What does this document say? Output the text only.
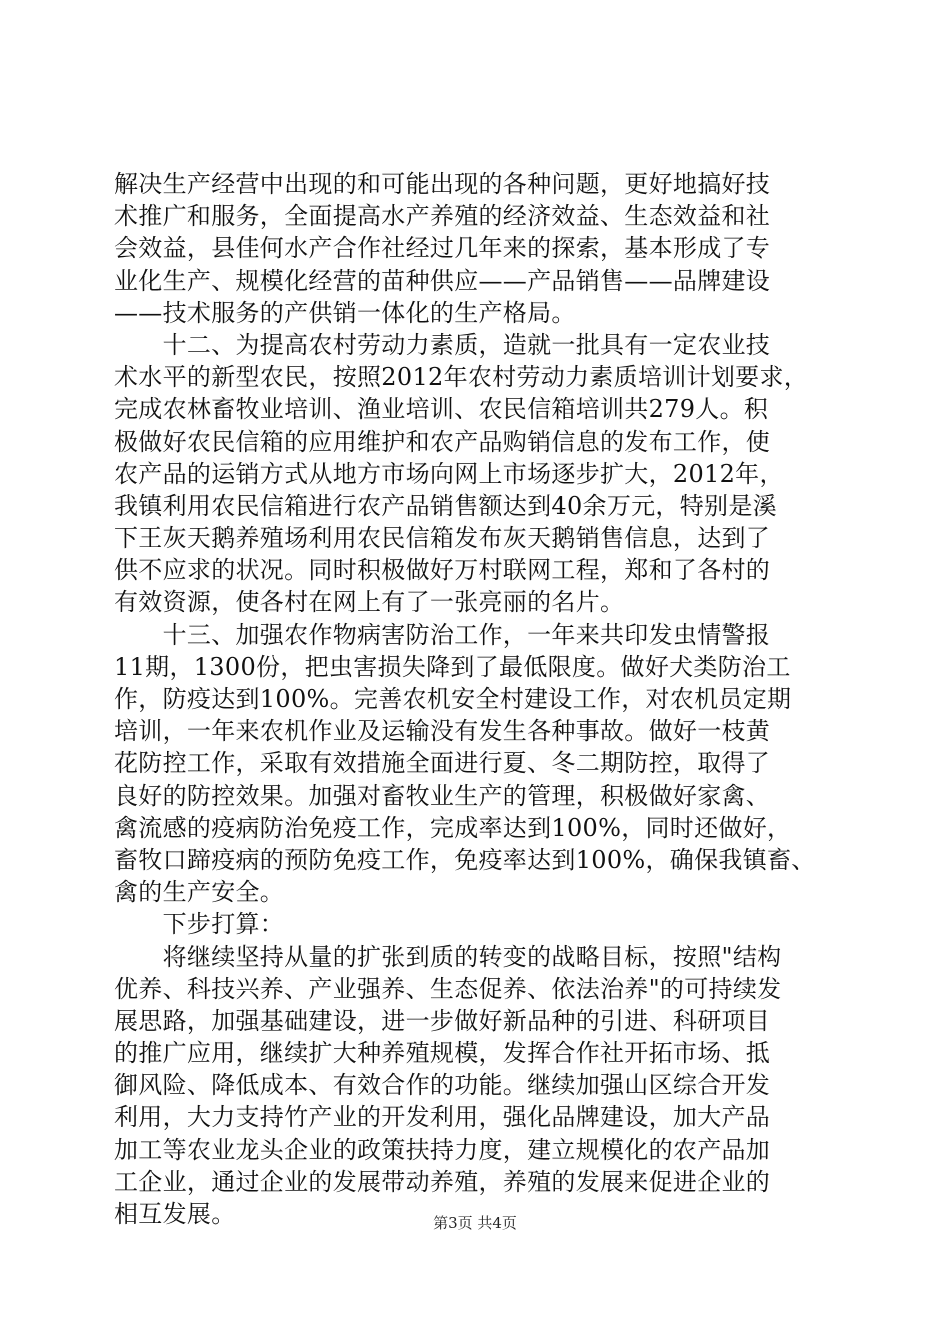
解决生产经营中出现的和可能出现的各种问题，更好地搞好技
术推广和服务，全面提高水产养殖的经济效益、生态效益和社
会效益，县佳何水产合作社经过几年来的探索，基本形成了专
业化生产、规模化经营的苗种供应——产品销售——品牌建设
——技术服务的产供销一体化的生产格局。
　　十二、为提高农村劳动力素质，造就一批具有一定农业技
术水平的新型农民，按照2012年农村劳动力素质培训计划要求，
完成农林畜牧业培训、渔业培训、农民信箱培训共279人。积
极做好农民信箱的应用维护和农产品购销信息的发布工作，使
农产品的运销方式从地方市场向网上市场逐步扩大，2012年，
我镇利用农民信箱进行农产品销售额达到40余万元，特别是溪
下王灰天鹅养殖场利用农民信箱发布灰天鹅销售信息，达到了
供不应求的状况。同时积极做好万村联网工程，郑和了各村的
有效资源，使各村在网上有了一张亮丽的名片。
　　十三、加强农作物病害防治工作，一年来共印发虫情警报
11期，1300份，把虫害损失降到了最低限度。做好犬类防治工
作，防疫达到100%。完善农机安全村建设工作，对农机员定期
培训，一年来农机作业及运输没有发生各种事故。做好一枝黄
花防控工作，采取有效措施全面进行夏、冬二期防控，取得了
良好的防控效果。加强对畜牧业生产的管理，积极做好家禽、
禽流感的疫病防治免疫工作，完成率达到100%，同时还做好，
畜牧口蹄疫病的预防免疫工作，免疫率达到100%，确保我镇畜、
禽的生产安全。
　　下步打算：
　　将继续坚持从量的扩张到质的转变的战略目标，按照"结构
优养、科技兴养、产业强养、生态促养、依法治养"的可持续发
展思路，加强基础建设，进一步做好新品种的引进、科研项目
的推广应用，继续扩大种养殖规模，发挥合作社开拓市场、抵
御风险、降低成本、有效合作的功能。继续加强山区综合开发
利用，大力支持竹产业的开发利用，强化品牌建设，加大产品
加工等农业龙头企业的政策扶持力度，建立规模化的农产品加
工企业，通过企业的发展带动养殖，养殖的发展来促进企业的
相互发展。	第3页 共4页
